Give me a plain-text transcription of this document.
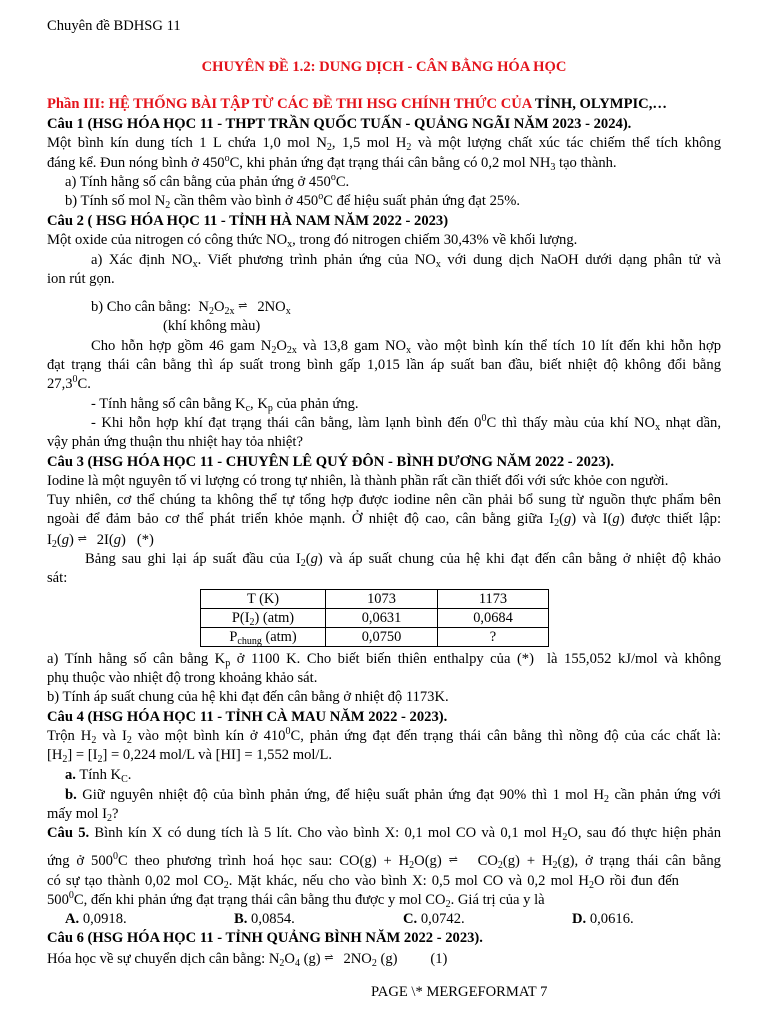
Chuyên đề BDHSG 11
CHUYÊN ĐỀ 1.2: DUNG DỊCH - CÂN BẰNG HÓA HỌC
Phần III: HỆ THỐNG BÀI TẬP TỪ CÁC ĐỀ THI HSG CHÍNH THỨC CỦA TỈNH, OLYMPIC,…
Câu 1 (HSG HÓA HỌC 11 - THPT TRẦN QUỐC TUẤN - QUẢNG NGÃI NĂM 2023 - 2024).
Một bình kín dung tích 1 L chứa 1,0 mol $N_2$, 1,5 mol $H_2$ và một lượng chất xúc tác chiếm thể tích không
đáng kể. Đun nóng bình ở 450$^o$C, khi phản ứng đạt trạng thái cân bằng có 0,2 mol $NH_3$ tạo thành.
a) Tính hằng số cân bằng của phản ứng ở 450$^o$C.
b) Tính số mol $N_2$ cần thêm vào bình ở 450$^o$C để hiệu suất phản ứng đạt 25%.
Câu 2 ( HSG HÓA HỌC 11 - TỈNH HÀ NAM NĂM 2022 - 2023)
Một oxide của nitrogen có công thức $NO_x$, trong đó nitrogen chiếm 30,43% về khối lượng.
a) Xác định $NO_x$. Viết phương trình phản ứng của $NO_x$ với dung dịch NaOH dưới dạng phân tử và
ion rút gọn.
b) Cho cân bằng:  $N_2O_{2x}$ ⇌   $2NO_x$
(khí không màu)
Cho hỗn hợp gồm 46 gam $N_2O_{2x}$ và 13,8 gam $NO_x$ vào một bình kín thể tích 10 lít đến khi hỗn hợp
đạt trạng thái cân bằng thì áp suất trong bình gấp 1,015 lần áp suất ban đầu, biết nhiệt độ không đổi bằng
27,3$^0$C.
- Tính hằng số cân bằng $K_c$, $K_p$ của phản ứng.
- Khi hỗn hợp khí đạt trạng thái cân bằng, làm lạnh bình đến $0^0C$ thì thấy màu của khí $NO_x$ nhạt dần,
vậy phản ứng thuận thu nhiệt hay tỏa nhiệt?
Câu 3 (HSG HÓA HỌC 11 - CHUYÊN LÊ QUÝ ĐÔN - BÌNH DƯƠNG NĂM 2022 - 2023).
Iodine là một nguyên tố vi lượng có trong tự nhiên, là thành phần rất cần thiết đối với sức khỏe con người.
Tuy nhiên, cơ thể chúng ta không thể tự tổng hợp được iodine nên cần phải bổ sung từ nguồn thực phẩm bên
ngoài để đảm bảo cơ thể phát triển khỏe mạnh. Ở nhiệt độ cao, cân bằng giữa $I_2(g)$ và I(g) được thiết lập:
$I_2(g)$ ⇌   2I(g)   (*)
Bảng sau ghi lại áp suất đầu của $I_2(g)$ và áp suất chung của hệ khi đạt đến cân bằng ở nhiệt độ khảo
sát:
T (K)	1073	1173
$P(I_2)$ (atm)	0,0631	0,0684
$P_{chung}$ (atm)	0,0750	?
a) Tính hằng số cân bằng $K_p$ ở 1100 K. Cho biết biến thiên enthalpy của (*)  là 155,052 kJ/mol và không
phụ thuộc vào nhiệt độ trong khoảng khảo sát.
b) Tính áp suất chung của hệ khi đạt đến cân bằng ở nhiệt độ 1173K.
Câu 4 (HSG HÓA HỌC 11 - TỈNH CÀ MAU NĂM 2022 - 2023).
Trộn $H_2$ và $I_2$ vào một bình kín ở $410^0C$, phản ứng đạt đến trạng thái cân bằng thì nồng độ của các chất là:
$[H_2] = [I_2] = 0,224$ mol/L và [HI] = 1,552 mol/L.
a. Tính $K_C$.
b. Giữ nguyên nhiệt độ của bình phản ứng, để hiệu suất phản ứng đạt 90% thì 1 mol $H_2$ cần phản ứng với
mấy mol $I_2$?
Câu 5. Bình kín X có dung tích là 5 lít. Cho vào bình X: 0,1 mol CO và 0,1 mol $H_2O$, sau đó thực hiện phản
ứng ở $500^0C$ theo phương trình hoá học sau: $CO(g) + H_2O(g)$ ⇌   $CO_2(g) + H_2(g)$, ở trạng thái cân bằng
có sự tạo thành 0,02 mol $CO_2$. Mặt khác, nếu cho vào bình X: 0,5 mol CO và 0,2 mol $H_2O$ rồi đun đến
$500^0C$, đến khi phản ứng đạt trạng thái cân bằng thu được y mol $CO_2$. Giá trị của y là
A. 0,0918.	B. 0,0854.	C. 0,0742.	D. 0,0616.
Câu 6 (HSG HÓA HỌC 11 - TỈNH QUẢNG BÌNH NĂM 2022 - 2023).
Hóa học về sự chuyển dịch cân bằng: $N_2O_4$ (g) ⇌   $2NO_2$ (g)         (1)
PAGE \* MERGEFORMAT 7
